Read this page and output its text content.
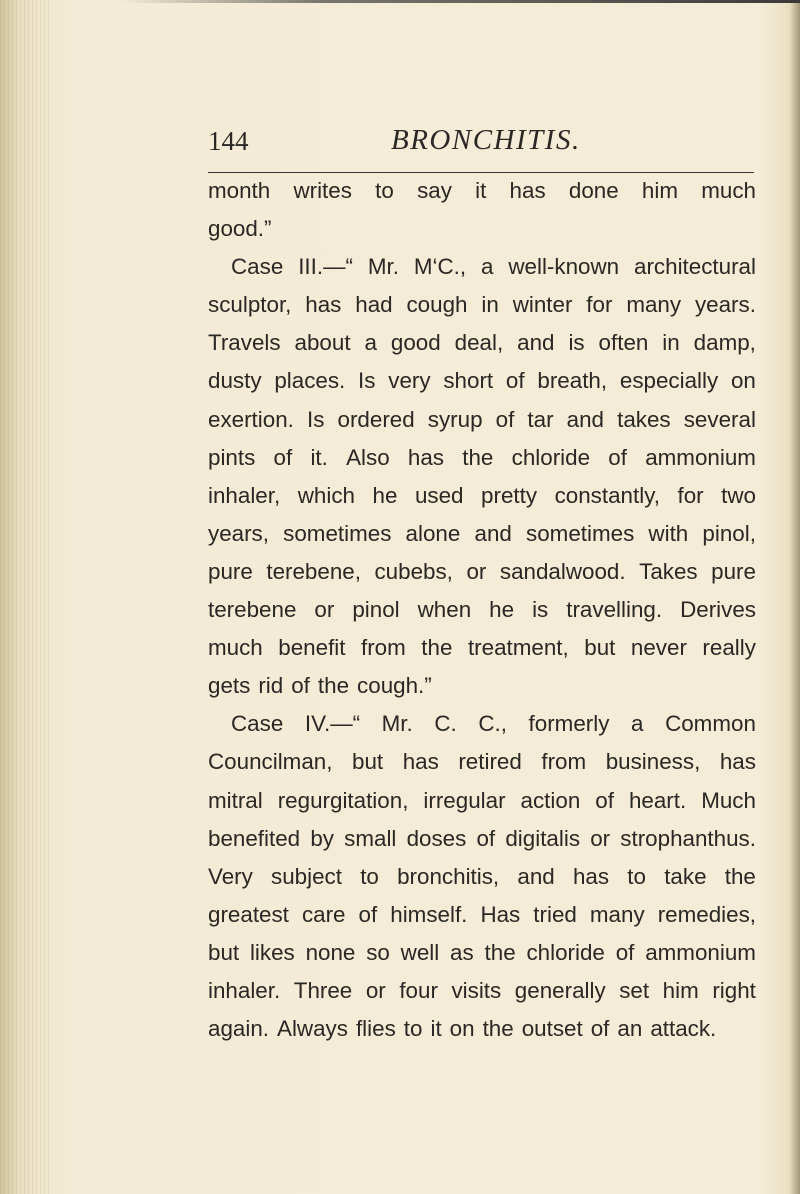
144	BRONCHITIS.
month writes to say it has done him much
good.”
Case III.—“ Mr. M‘C., a well-known architectural
sculptor, has had cough in winter for many years.
Travels about a good deal, and is often in damp,
dusty places. Is very short of breath, especially on
exertion. Is ordered syrup of tar and takes several
pints of it. Also has the chloride of ammonium
inhaler, which he used pretty constantly, for two
years, sometimes alone and sometimes with pinol,
pure terebene, cubebs, or sandalwood. Takes pure
terebene or pinol when he is travelling. Derives
much benefit from the treatment, but never really
gets rid of the cough.”
Case IV.—“ Mr. C. C., formerly a Common
Councilman, but has retired from business, has
mitral regurgitation, irregular action of heart. Much
benefited by small doses of digitalis or strophanthus.
Very subject to bronchitis, and has to take the
greatest care of himself. Has tried many remedies,
but likes none so well as the chloride of ammonium
inhaler. Three or four visits generally set him right
again. Always flies to it on the outset of an attack.
